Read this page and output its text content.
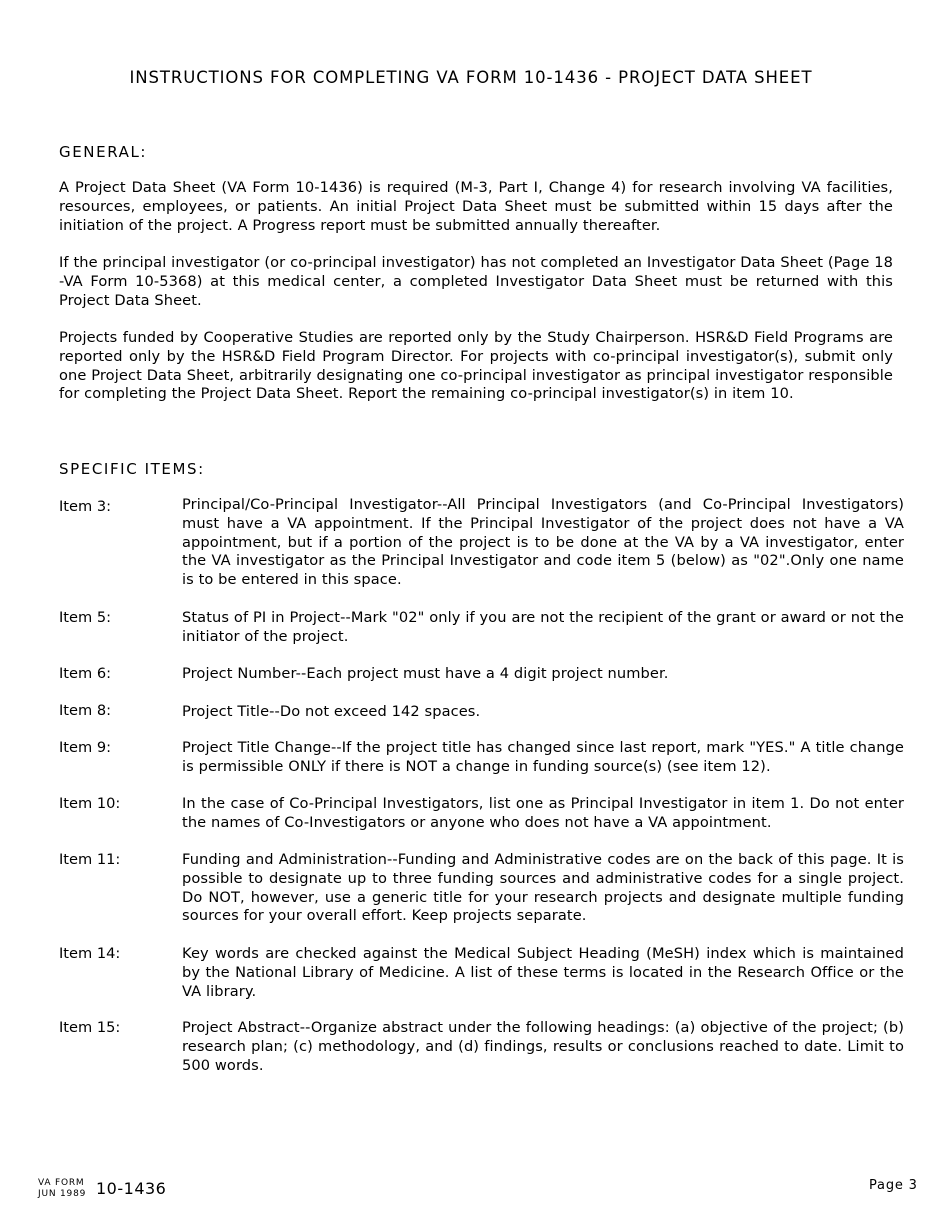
INSTRUCTIONS FOR COMPLETING VA FORM 10-1436 - PROJECT DATA SHEET
GENERAL:
A Project Data Sheet (VA Form 10-1436) is required (M-3, Part I, Change 4) for research involving VA facilities, resources, employees, or patients. An initial Project Data Sheet must be submitted within 15 days after the initiation of the project. A Progress report must be submitted annually thereafter.
If the principal investigator (or co-principal investigator) has not completed an Investigator Data Sheet (Page 18 -VA Form 10-5368) at this medical center, a completed Investigator Data Sheet must be returned with this Project Data Sheet.
Projects funded by Cooperative Studies are reported only by the Study Chairperson. HSR&D Field Programs are reported only by the HSR&D Field Program Director. For projects with co-principal investigator(s), submit only one Project Data Sheet, arbitrarily designating one co-principal investigator as principal investigator responsible for completing the Project Data Sheet. Report the remaining co-principal investigator(s) in item 10.
SPECIFIC ITEMS:
Item 3:	Principal/Co-Principal Investigator--All Principal Investigators (and Co-Principal Investigators) must have a VA appointment. If the Principal Investigator of the project does not have a VA appointment, but if a portion of the project is to be done at the VA by a VA investigator, enter the VA investigator as the Principal Investigator and code item 5 (below) as "02".Only one name is to be entered in this space.
Item 5:	Status of PI in Project--Mark "02" only if you are not the recipient of the grant or award or not the initiator of the project.
Item 6:	Project Number--Each project must have a 4 digit project number.
Item 8:	Project Title--Do not exceed 142 spaces.
Item 9:	Project Title Change--If the project title has changed since last report, mark "YES." A title change is permissible ONLY if there is NOT a change in funding source(s) (see item 12).
Item 10:	In the case of Co-Principal Investigators, list one as Principal Investigator in item 1. Do not enter the names of Co-Investigators or anyone who does not have a VA appointment.
Item 11:	Funding and Administration--Funding and Administrative codes are on the back of this page. It is possible to designate up to three funding sources and administrative codes for a single project. Do NOT, however, use a generic title for your research projects and designate multiple funding sources for your overall effort. Keep projects separate.
Item 14:	Key words are checked against the Medical Subject Heading (MeSH) index which is maintained by the National Library of Medicine. A list of these terms is located in the Research Office or the VA library.
Item 15:	Project Abstract--Organize abstract under the following headings: (a) objective of the project; (b) research plan; (c) methodology, and (d) findings, results or conclusions reached to date. Limit to 500 words.
VA FORM
JUN 1989 10-1436	Page 3
